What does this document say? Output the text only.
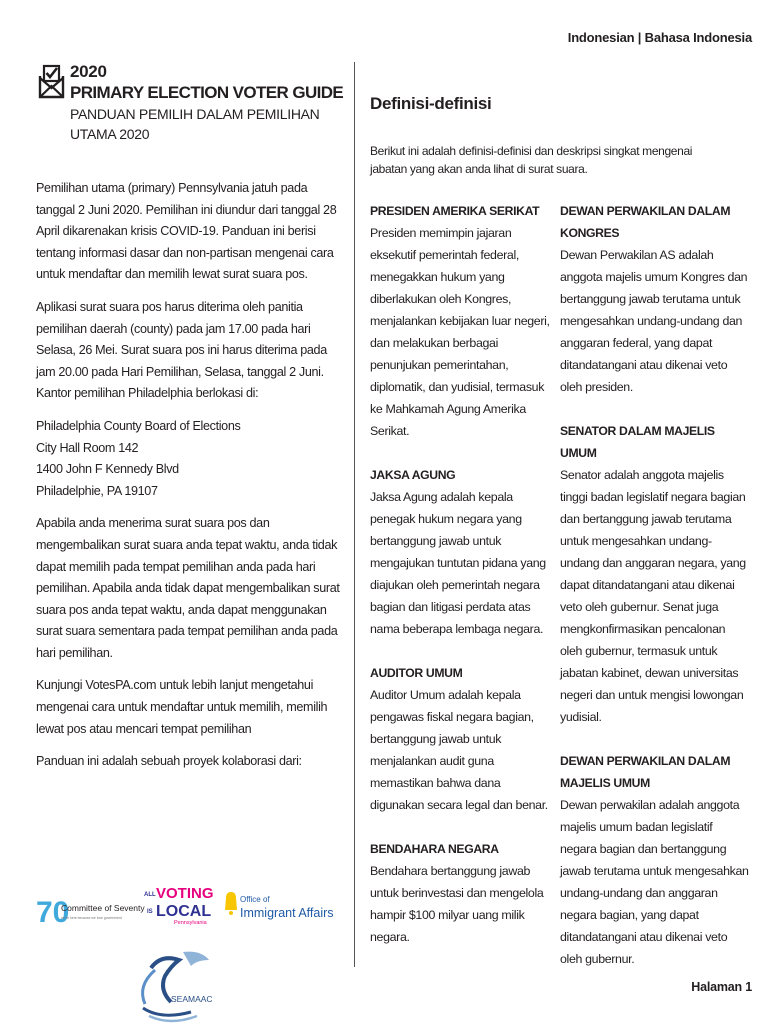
Indonesian | Bahasa Indonesia
2020
PRIMARY ELECTION VOTER GUIDE
PANDUAN PEMILIH DALAM PEMILIHAN UTAMA 2020

Pemilihan utama (primary) Pennsylvania jatuh pada tanggal 2 Juni 2020. Pemilihan ini diundur dari tanggal 28 April dikarenakan krisis COVID-19. Panduan ini berisi tentang informasi dasar dan non-partisan mengenai cara untuk mendaftar dan memilih lewat surat suara pos.

Aplikasi surat suara pos harus diterima oleh panitia pemilihan daerah (county) pada jam 17.00 pada hari Selasa, 26 Mei. Surat suara pos ini harus diterima pada jam 20.00 pada Hari Pemilihan, Selasa, tanggal 2 Juni. Kantor pemilihan Philadelphia berlokasi di:

Philadelphia County Board of Elections

City Hall Room 142

1400 John F Kennedy Blvd

Philadelphie, PA 19107

Apabila anda menerima surat suara pos dan mengembalikan surat suara anda tepat waktu, anda tidak dapat memilih pada tempat pemilihan anda pada hari pemilihan. Apabila anda tidak dapat mengembalikan surat suara pos anda tepat waktu, anda dapat menggunakan surat suara sementara pada tempat pemilihan anda pada hari pemilihan.

Kunjungi VotesPA.com untuk lebih lanjut mengetahui mengenai cara untuk mendaftar untuk memilih, memilih lewat pos atau mencari tempat pemilihan

Panduan ini adalah sebuah proyek kolaborasi dari:

70
Committee of Seventy
we're here because we love government
ALL VOTING
IS LOCAL
Pennsylvania
Office of
Immigrant Affairs
SEAMAAC
Definisi-definisi
Berikut ini adalah definisi-definisi dan deskripsi singkat mengenai jabatan yang akan anda lihat di surat suara.
PRESIDEN AMERIKA SERIKAT
Presiden memimpin jajaran eksekutif pemerintah federal, menegakkan hukum yang diberlakukan oleh Kongres, menjalankan kebijakan luar negeri, dan melakukan berbagai penunjukan pemerintahan, diplomatik, dan yudisial, termasuk ke Mahkamah Agung Amerika Serikat.
JAKSA AGUNG
Jaksa Agung adalah kepala penegak hukum negara yang bertanggung jawab untuk mengajukan tuntutan pidana yang diajukan oleh pemerintah negara bagian dan litigasi perdata atas nama beberapa lembaga negara.
AUDITOR UMUM
Auditor Umum adalah kepala pengawas fiskal negara bagian, bertanggung jawab untuk menjalankan audit guna memastikan bahwa dana digunakan secara legal dan benar.
BENDAHARA NEGARA
Bendahara bertanggung jawab untuk berinvestasi dan mengelola hampir $100 milyar uang milik negara.
DEWAN PERWAKILAN DALAM KONGRES
Dewan Perwakilan AS adalah anggota majelis umum Kongres dan bertanggung jawab terutama untuk mengesahkan undang-undang dan anggaran federal, yang dapat ditandatangani atau dikenai veto oleh presiden.
SENATOR DALAM MAJELIS UMUM
Senator adalah anggota majelis tinggi badan legislatif negara bagian dan bertanggung jawab terutama untuk mengesahkan undang-undang dan anggaran negara, yang dapat ditandatangani atau dikenai veto oleh gubernur. Senat juga mengkonfirmasikan pencalonan oleh gubernur, termasuk untuk jabatan kabinet, dewan universitas negeri dan untuk mengisi lowongan yudisial.
DEWAN PERWAKILAN DALAM MAJELIS UMUM
Dewan perwakilan adalah anggota majelis umum badan legislatif negara bagian dan bertanggung jawab terutama untuk mengesahkan undang-undang dan anggaran negara bagian, yang dapat ditandatangani atau dikenai veto oleh gubernur.
Halaman 1
